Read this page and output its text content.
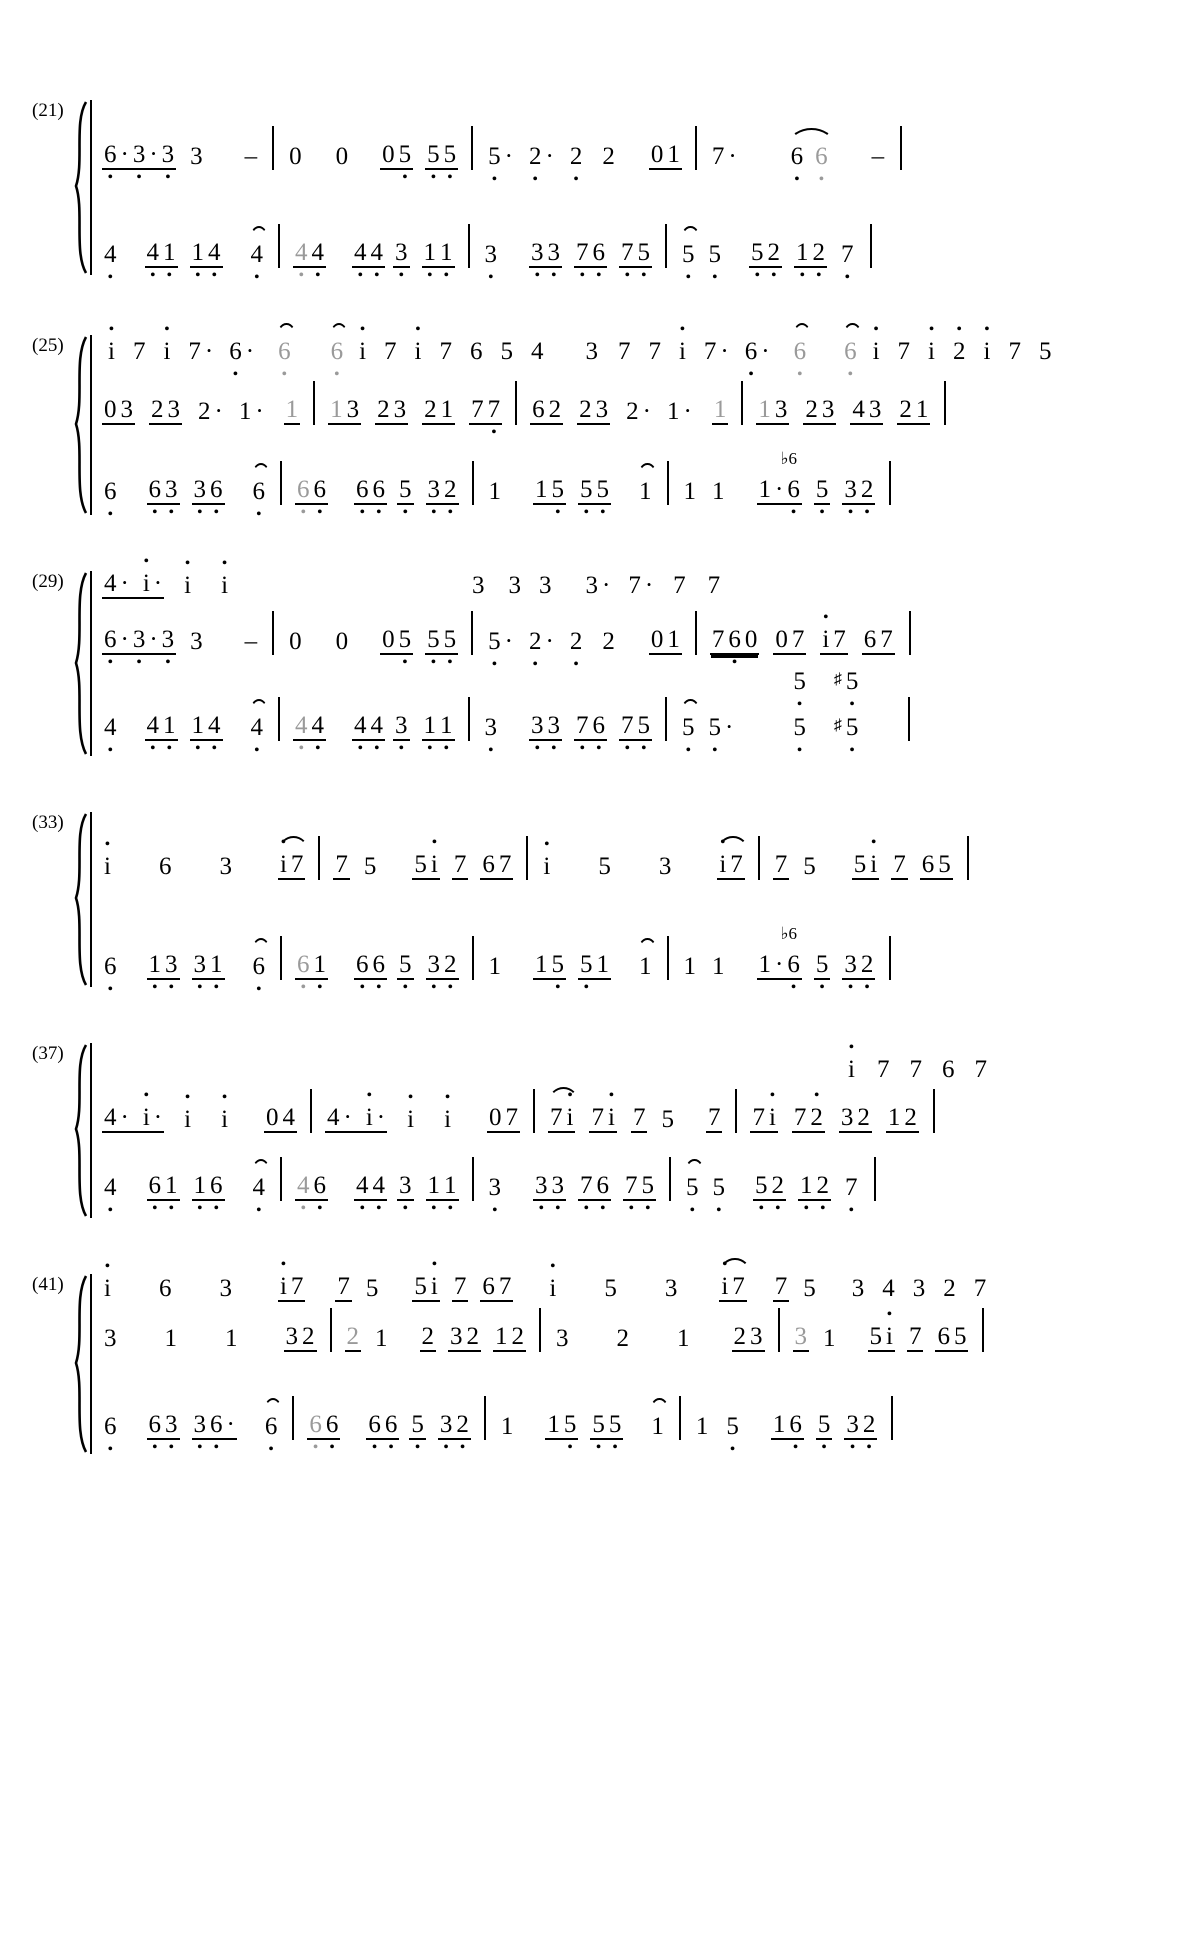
(21)
6 • · 3 • · 3 • 3 – 0 0 0 5 • 5 • 5 • 5 • · 2 • · 2 • 2 0 1 7 · 6 • 6 • –
4 • 4 • 1 • 1 • 4 • 4 • 4 • 4 • 4 • 4 • 3 • 1 • 1 • 3 • 3 • 3 • 7 • 6 • 7 • 5 • 5 • 5 • 5 • 2 • 1 • 2 • 7 •
(25) • i 7 • i 7 · 6 • · 6 • 6 • • i 7 • i 7 6 5 4 3 7 7 • i 7 · 6 • · 6 • 6 • • i 7 • i • 2 • i 7 5
0 3 2 3 2 · 1 · 1 1 3 2 3 2 1 7 7 • 6 2 2 3 2 · 1 · 1 1 3 2 3 4 3 2 1
6 • 6 • 3 • 3 • 6 • 6 • 6 • 6 • 6 • 6 • 5 • 3 • 2 • 1 1 5 • 5 • 5 • 1 1 1
♭6
1 · 6 • 5 • 3 • 2 •
(29) 4 · • i · • i • i	3 3 3 3 · 7 · 7 7
6 • · 3 • · 3 • 3 – 0 0 0 5 • 5 • 5 • 5 • · 2 • · 2 • 2 0 1 7 6 • 0 0 7 • i 7 6 7
4 • 4 • 1 • 1 • 4 • 4 • 4 • 4 • 4 • 4 • 3 • 1 • 1 • 3 • 3 • 3 • 7 • 6 • 7 • 5 • 5 • 5 • ·
5 •
5 •
♯ 5 •
♯ 5 •
(33)
• i 6 3 • i 7 7 5 5 • i 7 6 7 • i 5 3 • i 7 7 5 5 • i 7 6 5
6 • 1 • 3 • 3 • 1 • 6 • 6 • 1 • 6 • 6 • 5 • 3 • 2 • 1 1 5 • 5 • 1 1 1 1
♭6
1 · 6 • 5 • 3 • 2 •
(37)
• i 7 7 6 7
4 · • i · • i • i 0 4 4 · • i · • i • i 0 7 7 • i 7 • i 7 5 7 7 • i 7 • 2 3 2 1 2
4 • 6 • 1 • 1 • 6 • 4 • 4 • 6 • 4 • 4 • 3 • 1 • 1 • 3 • 3 • 3 • 7 • 6 • 7 • 5 • 5 • 5 • 5 • 2 • 1 • 2 • 7 •
(41) • i 6 3 • i 7 7 5 5 • i 7 6 7 • i 5 3 • i 7 7 5 3 4 3 2 7
3 1 1 3 2 2 1 2 3 2 1 2 3 2 1 2 3 3 1 5 • i 7 6 5
6 • 6 • 3 • 3 • 6 • · 6 • 6 • 6 • 6 • 6 • 5 • 3 • 2 • 1 1 5 • 5 • 5 • 1 1 5 • 1 6 • 5 • 3 • 2 •
